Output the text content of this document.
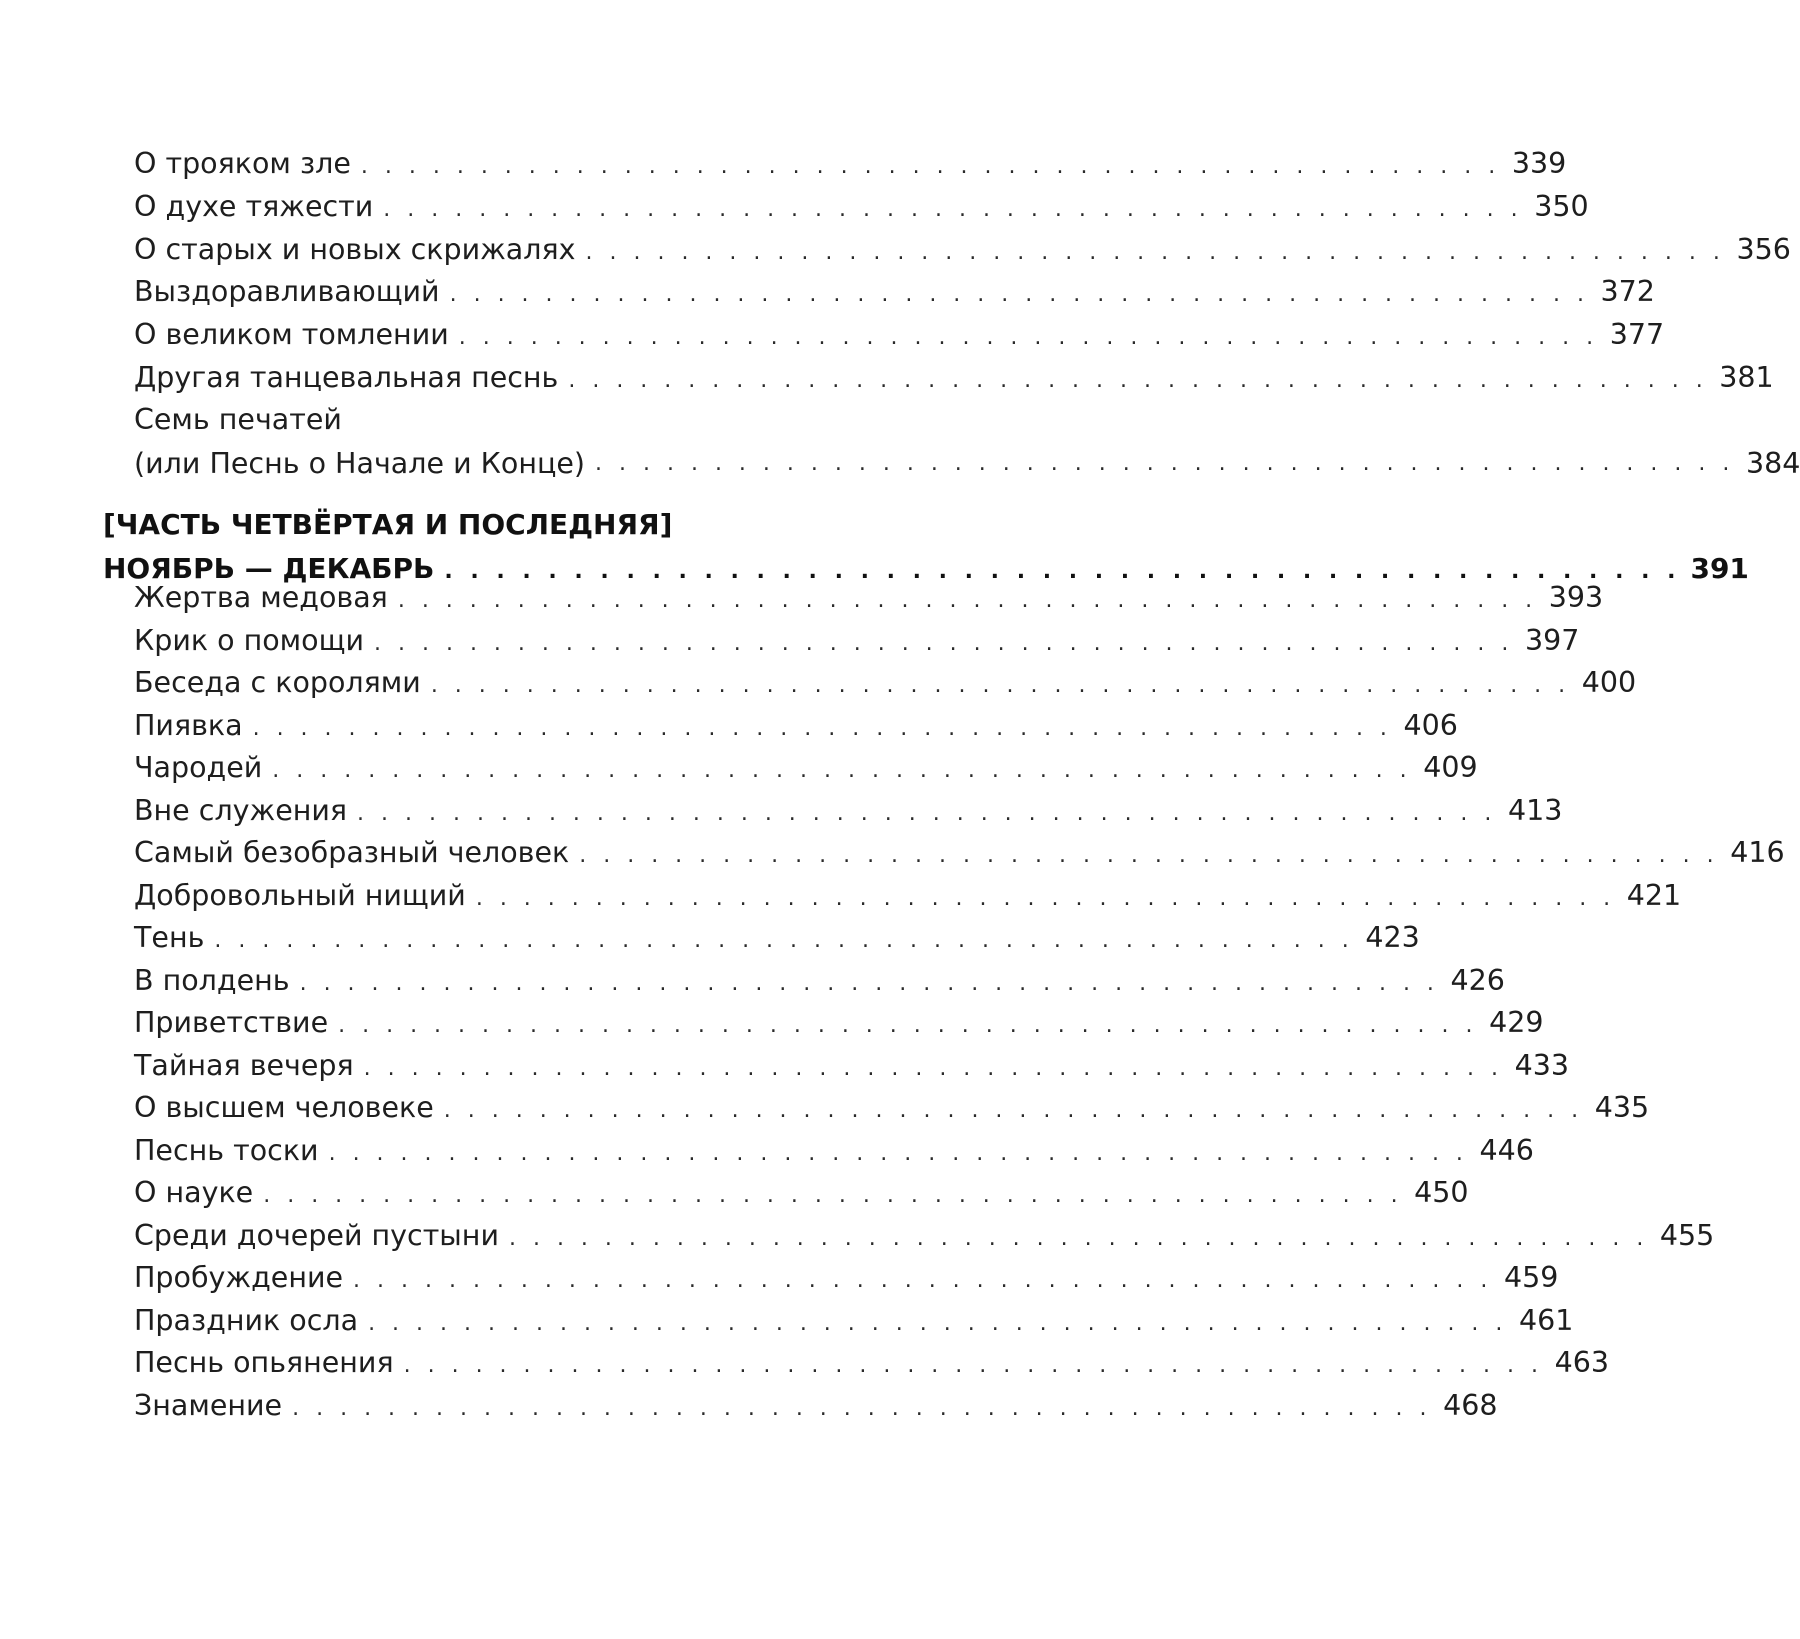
О трояком зле . . . . . . . . . . . . . . . . . . . . . . . . . . . . . . . . . . . . . . . . . . . . . . . . 339
О духе тяжести . . . . . . . . . . . . . . . . . . . . . . . . . . . . . . . . . . . . . . . . . . . . . . . . 350
О старых и новых скрижалях . . . . . . . . . . . . . . . . . . . . . . . . . . . . . . . . . . . . . . . . . . . . . . . . 356
Выздоравливающий . . . . . . . . . . . . . . . . . . . . . . . . . . . . . . . . . . . . . . . . . . . . . . . . 372
О великом томлении . . . . . . . . . . . . . . . . . . . . . . . . . . . . . . . . . . . . . . . . . . . . . . . . 377
Другая танцевальная песнь . . . . . . . . . . . . . . . . . . . . . . . . . . . . . . . . . . . . . . . . . . . . . . . . 381
Семь печатей
(или Песнь о Начале и Конце) . . . . . . . . . . . . . . . . . . . . . . . . . . . . . . . . . . . . . . . . . . . . . . . . 384
[ЧАСТЬ ЧЕТВЁРТАЯ И ПОСЛЕДНЯЯ]
НОЯБРЬ — ДЕКАБРЬ . . . . . . . . . . . . . . . . . . . . . . . . . . . . . . . . . . . . . . . . . . . . . . . . 391
Жертва медовая . . . . . . . . . . . . . . . . . . . . . . . . . . . . . . . . . . . . . . . . . . . . . . . . 393
Крик о помощи . . . . . . . . . . . . . . . . . . . . . . . . . . . . . . . . . . . . . . . . . . . . . . . . 397
Беседа с королями . . . . . . . . . . . . . . . . . . . . . . . . . . . . . . . . . . . . . . . . . . . . . . . . 400
Пиявка . . . . . . . . . . . . . . . . . . . . . . . . . . . . . . . . . . . . . . . . . . . . . . . . 406
Чародей . . . . . . . . . . . . . . . . . . . . . . . . . . . . . . . . . . . . . . . . . . . . . . . . 409
Вне служения . . . . . . . . . . . . . . . . . . . . . . . . . . . . . . . . . . . . . . . . . . . . . . . . 413
Самый безобразный человек . . . . . . . . . . . . . . . . . . . . . . . . . . . . . . . . . . . . . . . . . . . . . . . . 416
Добровольный нищий . . . . . . . . . . . . . . . . . . . . . . . . . . . . . . . . . . . . . . . . . . . . . . . . 421
Тень . . . . . . . . . . . . . . . . . . . . . . . . . . . . . . . . . . . . . . . . . . . . . . . . 423
В полдень . . . . . . . . . . . . . . . . . . . . . . . . . . . . . . . . . . . . . . . . . . . . . . . . 426
Приветствие . . . . . . . . . . . . . . . . . . . . . . . . . . . . . . . . . . . . . . . . . . . . . . . . 429
Тайная вечеря . . . . . . . . . . . . . . . . . . . . . . . . . . . . . . . . . . . . . . . . . . . . . . . . 433
О высшем человеке . . . . . . . . . . . . . . . . . . . . . . . . . . . . . . . . . . . . . . . . . . . . . . . . 435
Песнь тоски . . . . . . . . . . . . . . . . . . . . . . . . . . . . . . . . . . . . . . . . . . . . . . . . 446
О науке . . . . . . . . . . . . . . . . . . . . . . . . . . . . . . . . . . . . . . . . . . . . . . . . 450
Среди дочерей пустыни . . . . . . . . . . . . . . . . . . . . . . . . . . . . . . . . . . . . . . . . . . . . . . . . 455
Пробуждение . . . . . . . . . . . . . . . . . . . . . . . . . . . . . . . . . . . . . . . . . . . . . . . . 459
Праздник осла . . . . . . . . . . . . . . . . . . . . . . . . . . . . . . . . . . . . . . . . . . . . . . . . 461
Песнь опьянения . . . . . . . . . . . . . . . . . . . . . . . . . . . . . . . . . . . . . . . . . . . . . . . . 463
Знамение . . . . . . . . . . . . . . . . . . . . . . . . . . . . . . . . . . . . . . . . . . . . . . . . 468
